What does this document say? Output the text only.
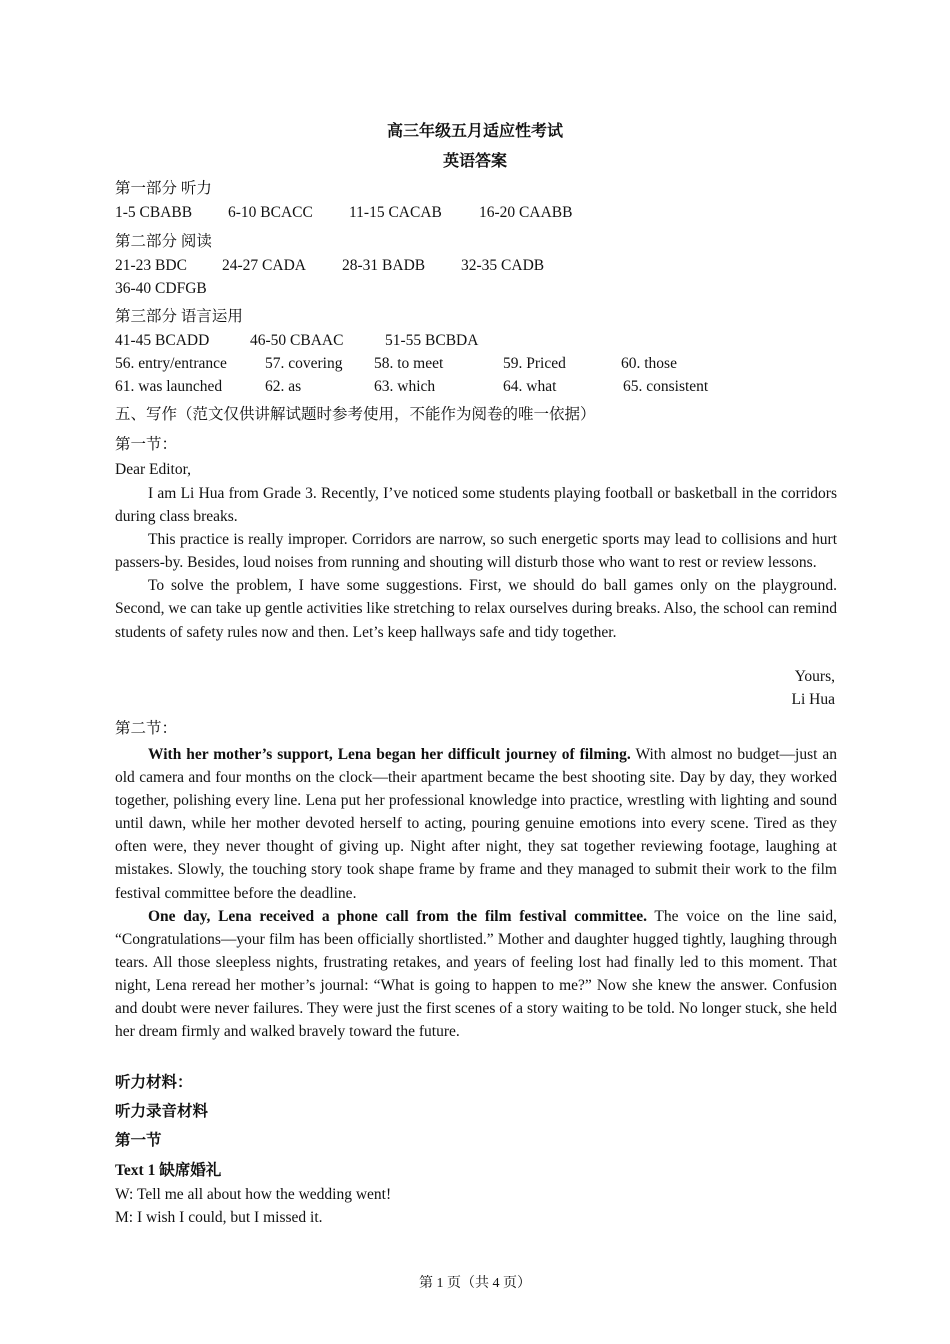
高三年级五月适应性考试
英语答案
第一部分 听力
1-5 CBABB 6-10 BCACC 11-15 CACAB 16-20 CAABB
第二部分 阅读
21-23 BDC 24-27 CADA 28-31 BADB 32-35 CADB
36-40 CDFGB
第三部分 语言运用
41-45 BCADD	46-50 CBAAC	51-55 BCBDA
56. entry/entrance 57. covering 58. to meet	59. Priced	60. those
61. was launched	62. as	63. which	64. what	65. consistent
五、写作（范文仅供讲解试题时参考使用，不能作为阅卷的唯一依据）
第一节：
Dear Editor,

I am Li Hua from Grade 3. Recently, I’ve noticed some students playing football or basketball in the corridors during class breaks.

This practice is really improper. Corridors are narrow, so such energetic sports may lead to collisions and hurt passers-by. Besides, loud noises from running and shouting will disturb those who want to rest or review lessons.

To solve the problem, I have some suggestions. First, we should do ball games only on the playground. Second, we can take up gentle activities like stretching to relax ourselves during breaks. Also, the school can remind students of safety rules now and then. Let’s keep hallways safe and tidy together.

Yours,
Li Hua
第二节：

With her mother’s support, Lena began her difficult journey of filming. With almost no budget—just an old camera and four months on the clock—their apartment became the best shooting site. Day by day, they worked together, polishing every line. Lena put her professional knowledge into practice, wrestling with lighting and sound until dawn, while her mother devoted herself to acting, pouring genuine emotions into every scene. Tired as they often were, they never thought of giving up. Night after night, they sat together reviewing footage, laughing at mistakes. Slowly, the touching story took shape frame by frame and they managed to submit their work to the film festival committee before the deadline.

One day, Lena received a phone call from the film festival committee. The voice on the line said, “Congratulations—your film has been officially shortlisted.” Mother and daughter hugged tightly, laughing through tears. All those sleepless nights, frustrating retakes, and years of feeling lost had finally led to this moment. That night, Lena reread her mother’s journal: “What is going to happen to me?” Now she knew the answer. Confusion and doubt were never failures. They were just the first scenes of a story waiting to be told. No longer stuck, she held her dream firmly and walked bravely toward the future.

听力材料：
听力录音材料
第一节
Text 1 缺席婚礼
W: Tell me all about how the wedding went!
M: I wish I could, but I missed it.
第 1 页（共 4 页）
